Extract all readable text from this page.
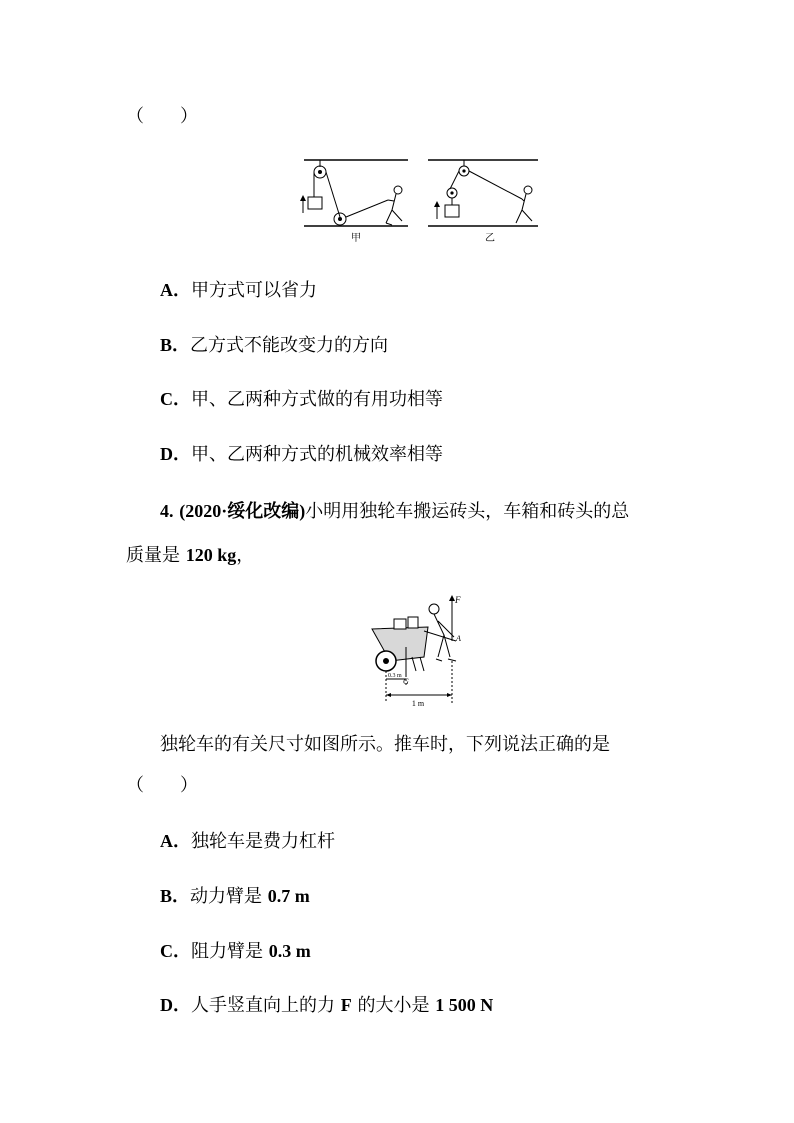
（　　）
甲	乙
A．甲方式可以省力
B．乙方式不能改变力的方向
C．甲、乙两种方式做的有用功相等
D．甲、乙两种方式的机械效率相等
4. (2020·绥化改编)小明用独轮车搬运砖头，车箱和砖头的总
质量是 120 kg，
F
A
G
0.3 m
1 m
独轮车的有关尺寸如图所示。推车时，下列说法正确的是
（　　）
A．独轮车是费力杠杆
B．动力臂是 0.7 m
C．阻力臂是 0.3 m
D．人手竖直向上的力 F 的大小是 1 500 N
